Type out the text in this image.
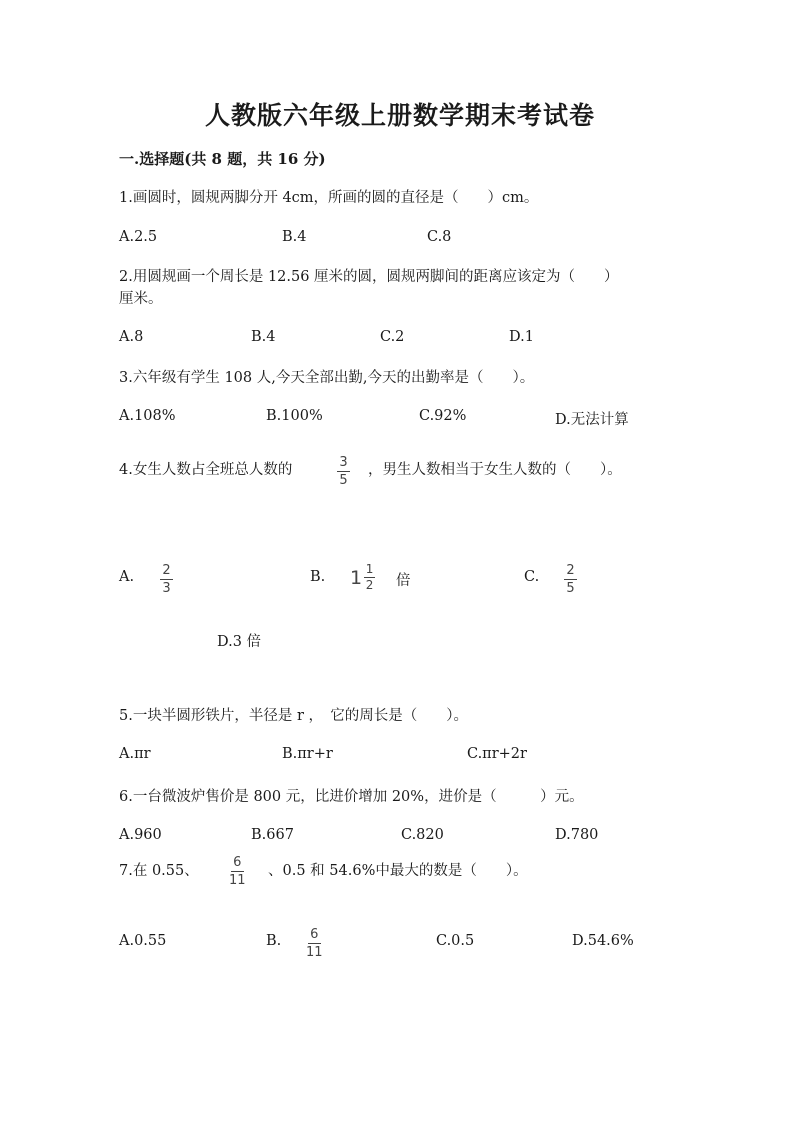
人教版六年级上册数学期末考试卷
一.选择题(共 8 题，共 16 分)
1.画圆时，圆规两脚分开 4cm，所画的圆的直径是（　　）cm。
A.2.5	B.4	C.8
2.用圆规画一个周长是 12.56 厘米的圆，圆规两脚间的距离应该定为（　　）
厘米。
A.8	B.4	C.2	D.1
3.六年级有学生 108 人,今天全部出勤,今天的出勤率是（　　）。
A.108%	B.100%	C.92%	D.无法计算
4.女生人数占全班总人数的	3
5
，男生人数相当于女生人数的（　　）。
A. 2
3
B. $1 \frac{1}{2}$ 倍	C. 2
5
D.3 倍
5.一块半圆形铁片，半径是 r ，　它的周长是（　　）。
A.πr	B.πr+r	C.πr+2r
6.一台微波炉售价是 800 元，比进价增加 20%，进价是（　　　）元。
A.960	B.667	C.820	D.780
7.在 0.55、
6
11
、0.5 和 54.6%中最大的数是（　　）。
A.0.55	B. 6
11
C.0.5	D.54.6%
